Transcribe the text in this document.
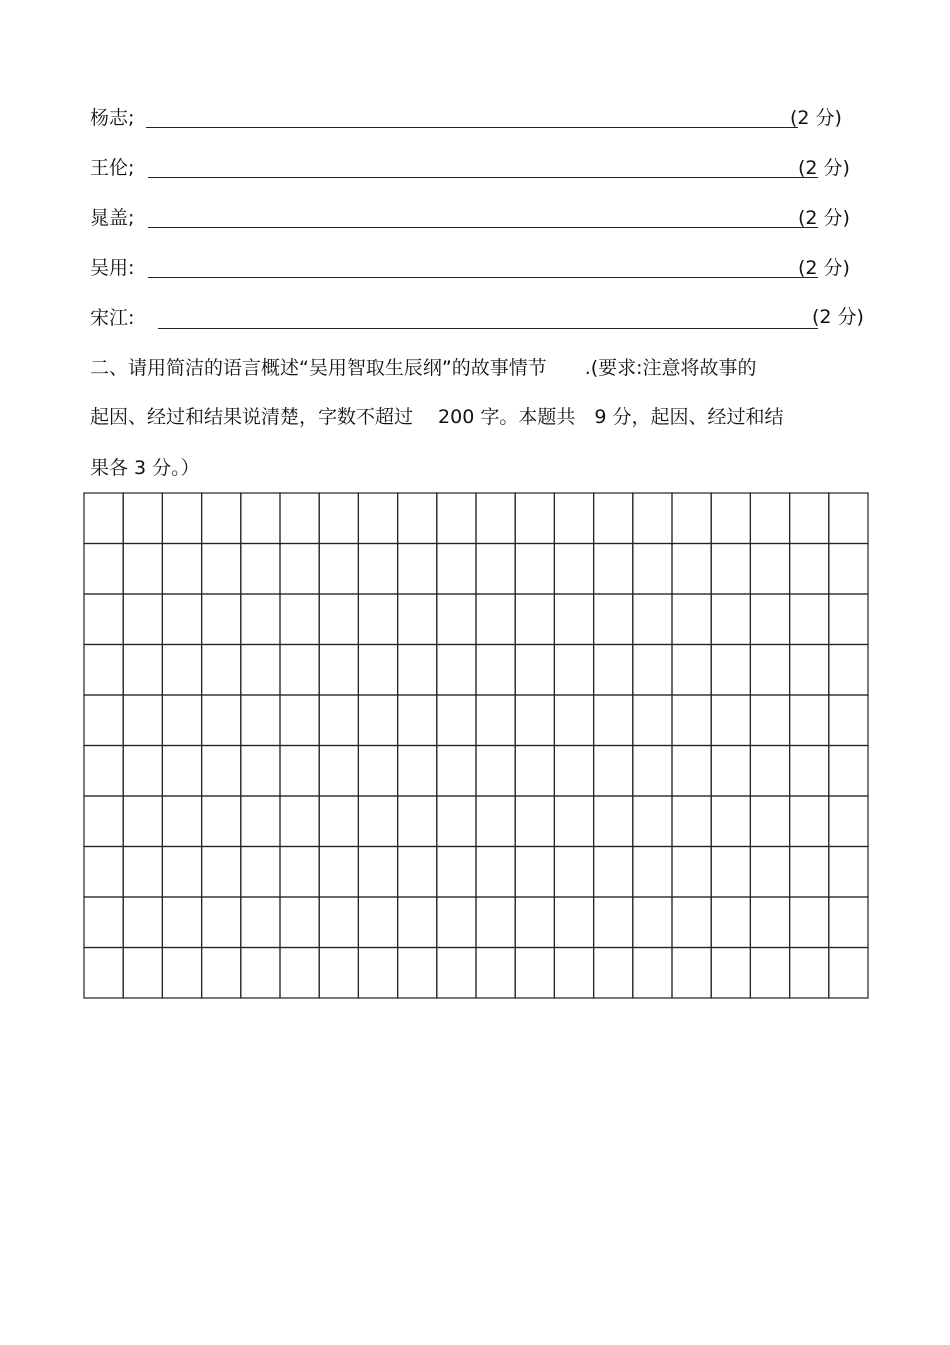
杨志;	(2 分)
王伦;	(2 分)
晁盖;	(2 分)
吴用:	(2 分)
宋江:	(2 分)
二、请用简洁的语言概述“吴用智取生辰纲”的故事情节　　.(要求:注意将故事的
起因、经过和结果说清楚，字数不超过　 200 字。本题共　9 分，起因、经过和结
果各 3 分。）
